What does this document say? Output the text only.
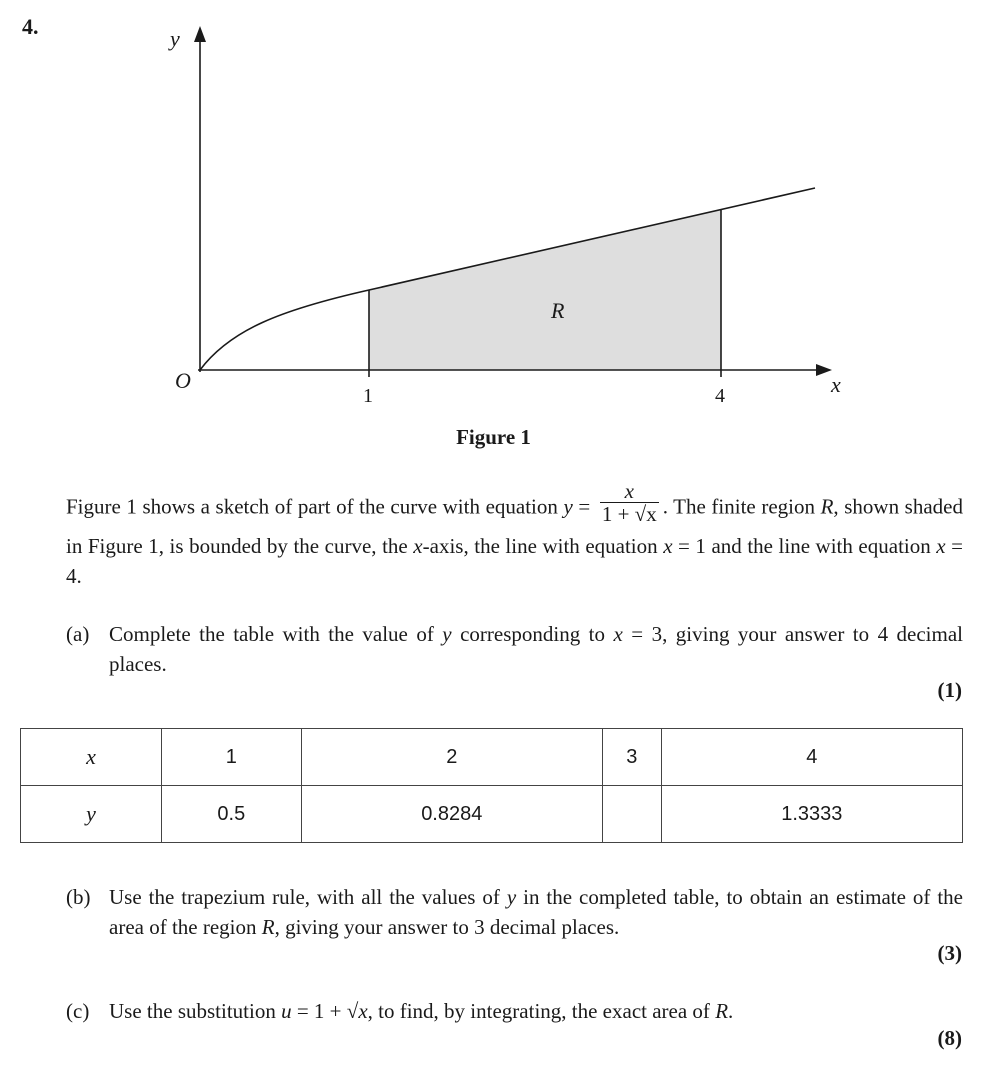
4.	y
x
O
1	4
R
Figure 1
Figure 1 shows a sketch of part of the curve with equation $y = \frac{x}{1 + √x}$ . The finite region R, shown shaded in Figure 1, is bounded by the curve, the x-axis, the line with equation x = 1 and the line with equation x = 4.
(a) Complete the table with the value of y corresponding to x = 3, giving your answer to 4 decimal places.
(1)
x	1	2	3	4
y	0.5	0.8284		1.3333
(b) Use the trapezium rule, with all the values of y in the completed table, to obtain an estimate of the area of the region R, giving your answer to 3 decimal places.
(3)
(c) Use the substitution u = 1 + √x, to find, by integrating, the exact area of R.
(8)
